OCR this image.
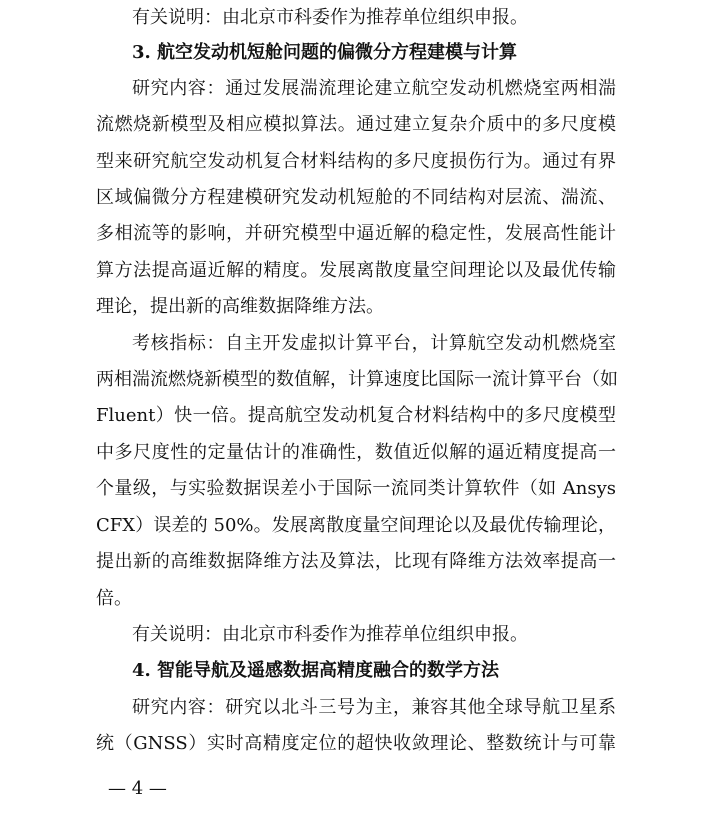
有关说明：由北京市科委作为推荐单位组织申报。
3. 航空发动机短舱问题的偏微分方程建模与计算
研究内容：通过发展湍流理论建立航空发动机燃烧室两相湍
流燃烧新模型及相应模拟算法。通过建立复杂介质中的多尺度模
型来研究航空发动机复合材料结构的多尺度损伤行为。通过有界
区域偏微分方程建模研究发动机短舱的不同结构对层流、湍流、
多相流等的影响，并研究模型中逼近解的稳定性，发展高性能计
算方法提高逼近解的精度。发展离散度量空间理论以及最优传输
理论，提出新的高维数据降维方法。
考核指标：自主开发虚拟计算平台，计算航空发动机燃烧室
两相湍流燃烧新模型的数值解，计算速度比国际一流计算平台（如
Fluent）快一倍。提高航空发动机复合材料结构中的多尺度模型
中多尺度性的定量估计的准确性，数值近似解的逼近精度提高一
个量级，与实验数据误差小于国际一流同类计算软件（如 Ansys
CFX）误差的 50%。发展离散度量空间理论以及最优传输理论，
提出新的高维数据降维方法及算法，比现有降维方法效率提高一
倍。
有关说明：由北京市科委作为推荐单位组织申报。
4. 智能导航及遥感数据高精度融合的数学方法
研究内容：研究以北斗三号为主，兼容其他全球导航卫星系
统（GNSS）实时高精度定位的超快收敛理论、整数统计与可靠
— 4 —
